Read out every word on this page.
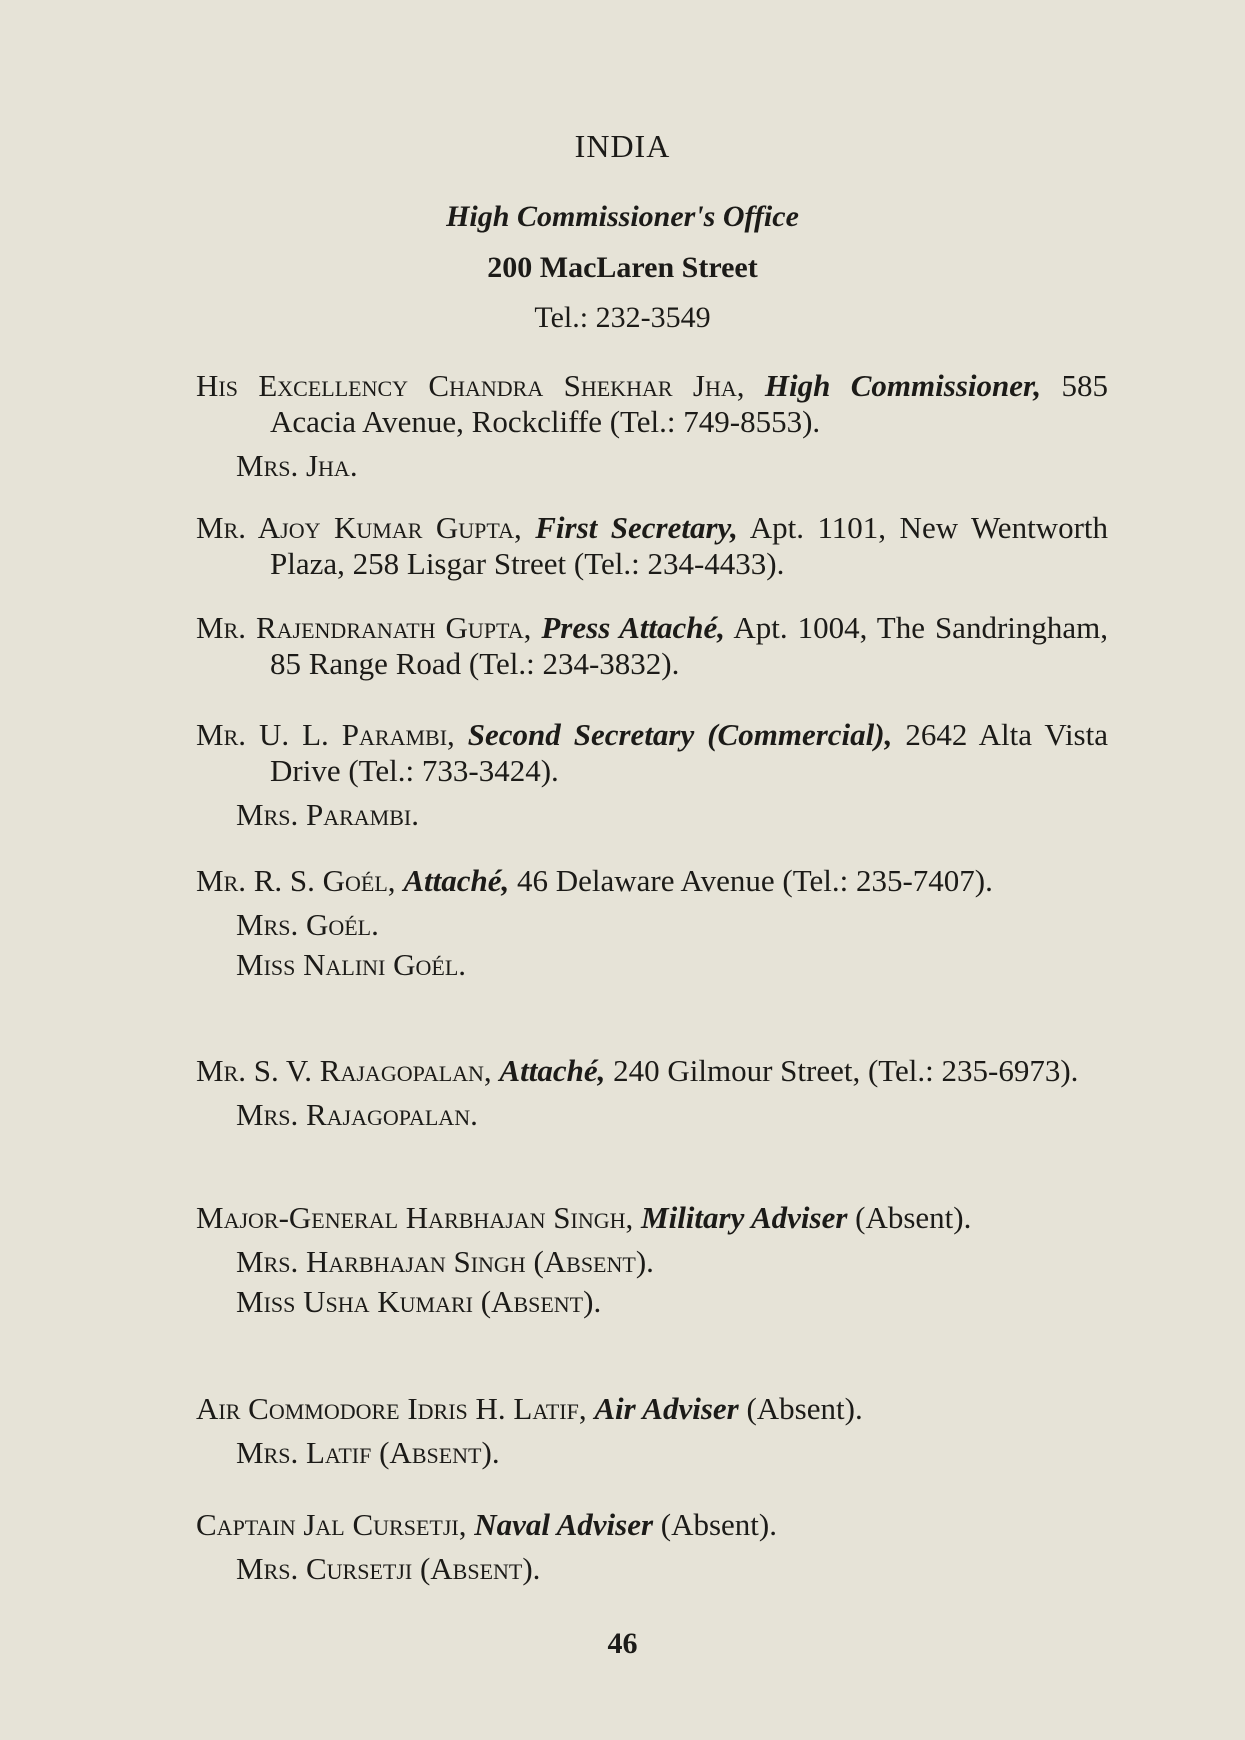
INDIA
High Commissioner's Office
200 MacLaren Street
Tel.: 232-3549
His Excellency Chandra Shekhar Jha, High Commissioner, 585 Acacia Avenue, Rockcliffe (Tel.: 749-8553).
Mrs. Jha.
Mr. Ajoy Kumar Gupta, First Secretary, Apt. 1101, New Wentworth Plaza, 258 Lisgar Street (Tel.: 234-4433).
Mr. Rajendranath Gupta, Press Attaché, Apt. 1004, The Sandringham, 85 Range Road (Tel.: 234-3832).
Mr. U. L. Parambi, Second Secretary (Commercial), 2642 Alta Vista Drive (Tel.: 733-3424).
Mrs. Parambi.
Mr. R. S. Goél, Attaché, 46 Delaware Avenue (Tel.: 235-7407).
Mrs. Goél.
Miss Nalini Goél.
Mr. S. V. Rajagopalan, Attaché, 240 Gilmour Street, (Tel.: 235-6973).
Mrs. Rajagopalan.
Major-General Harbhajan Singh, Military Adviser (Absent).
Mrs. Harbhajan Singh (Absent).
Miss Usha Kumari (Absent).
Air Commodore Idris H. Latif, Air Adviser (Absent).
Mrs. Latif (Absent).
Captain Jal Cursetji, Naval Adviser (Absent).
Mrs. Cursetji (Absent).
46
